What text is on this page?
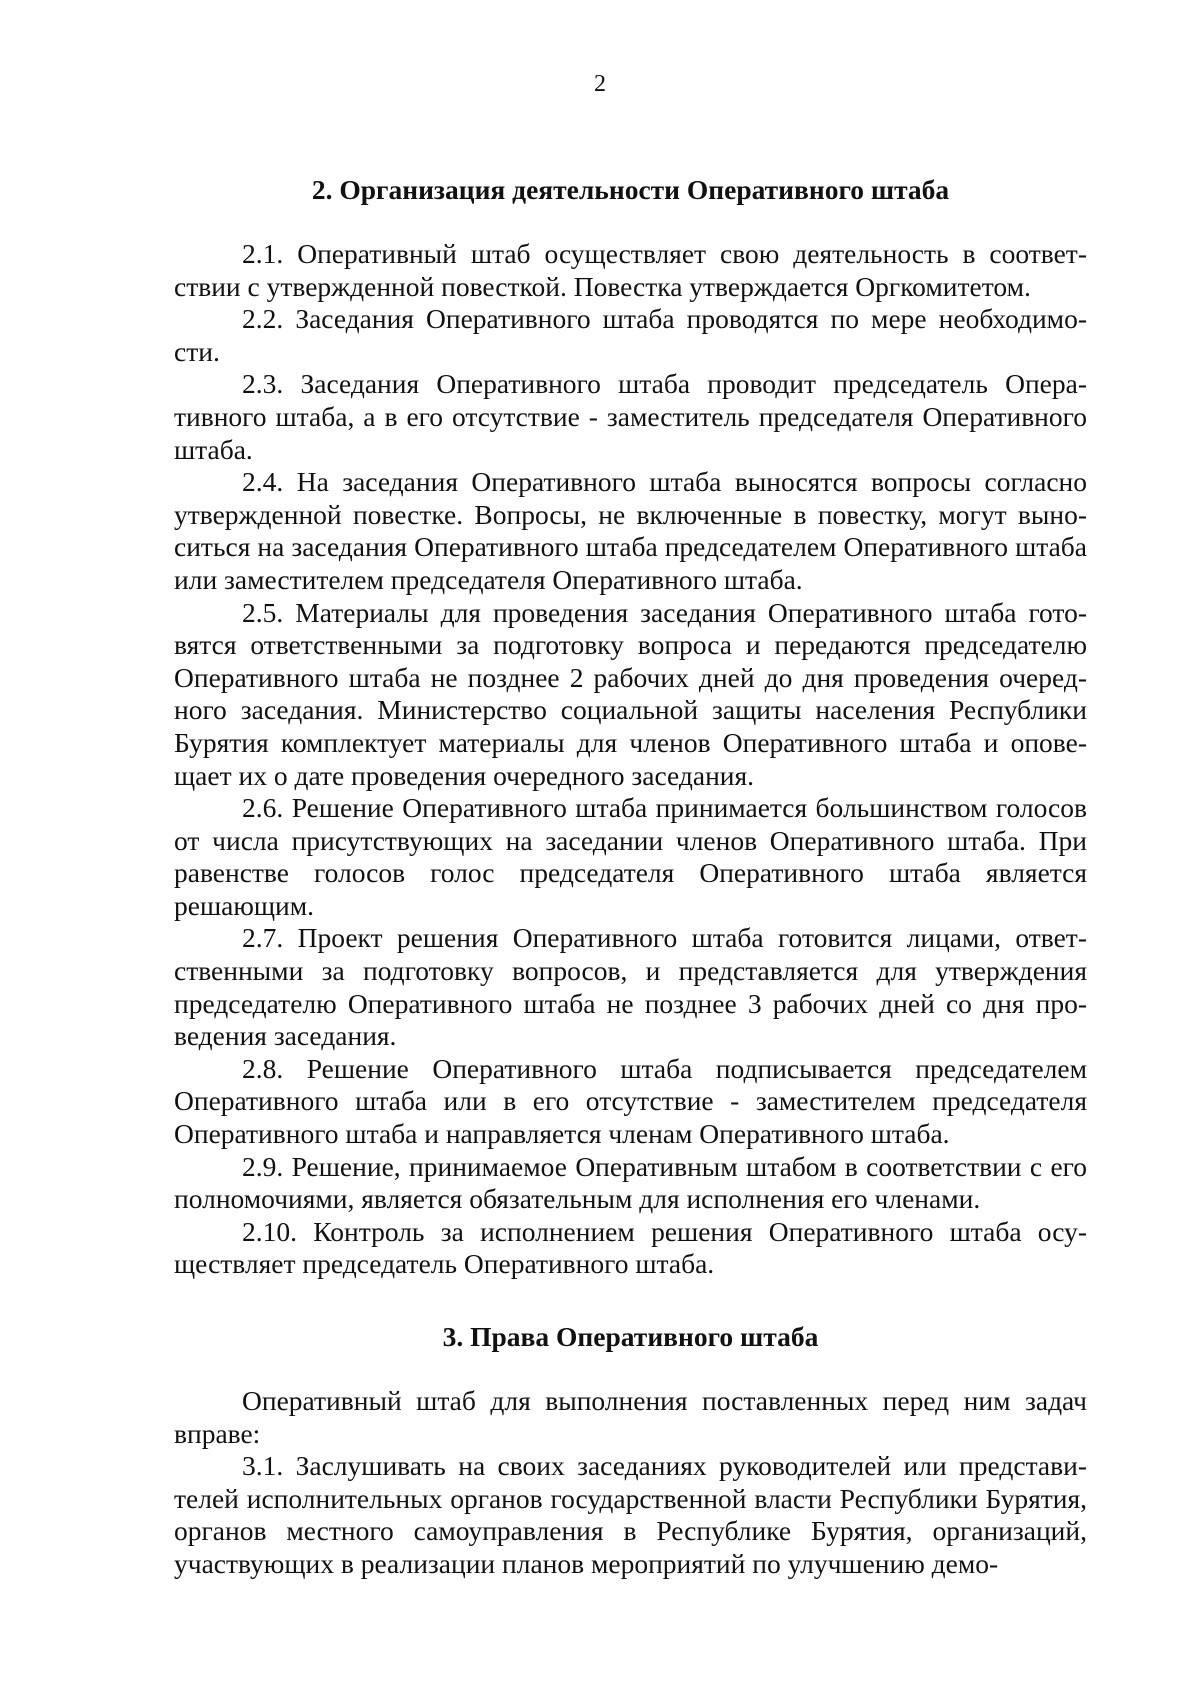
2
2. Организация деятельности Оперативного штаба

2.1. Оперативный штаб осуществляет свою деятельность в соответствии с утвержденной повесткой. Повестка утверждается Оргкомитетом.

2.2. Заседания Оперативного штаба проводятся по мере необходимости.

2.3. Заседания Оперативного штаба проводит председатель Оперативного штаба, а в его отсутствие - заместитель председателя Оперативного штаба.

2.4. На заседания Оперативного штаба выносятся вопросы согласно утвержденной повестке. Вопросы, не включенные в повестку, могут выноситься на заседания Оперативного штаба председателем Оперативного штаба или заместителем председателя Оперативного штаба.

2.5. Материалы для проведения заседания Оперативного штаба готовятся ответственными за подготовку вопроса и передаются председателю Оперативного штаба не позднее 2 рабочих дней до дня проведения очередного заседания. Министерство социальной защиты населения Республики Бурятия комплектует материалы для членов Оперативного штаба и оповещает их о дате проведения очередного заседания.

2.6. Решение Оперативного штаба принимается большинством голосов от числа присутствующих на заседании членов Оперативного штаба. При равенстве голосов голос председателя Оперативного штаба является решающим.

2.7. Проект решения Оперативного штаба готовится лицами, ответственными за подготовку вопросов, и представляется для утверждения председателю Оперативного штаба не позднее 3 рабочих дней со дня проведения заседания.

2.8. Решение Оперативного штаба подписывается председателем Оперативного штаба или в его отсутствие - заместителем председателя Оперативного штаба и направляется членам Оперативного штаба.

2.9. Решение, принимаемое Оперативным штабом в соответствии с его полномочиями, является обязательным для исполнения его членами.

2.10. Контроль за исполнением решения Оперативного штаба осуществляет председатель Оперативного штаба.

3. Права Оперативного штаба

Оперативный штаб для выполнения поставленных перед ним задач вправе:

3.1. Заслушивать на своих заседаниях руководителей или представителей исполнительных органов государственной власти Республики Бурятия, органов местного самоуправления в Республике Бурятия, организаций, участвующих в реализации планов мероприятий по улучшению демо-
